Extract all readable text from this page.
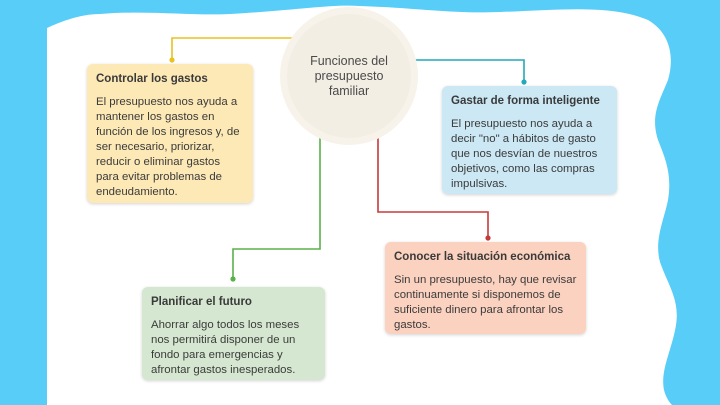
Funciones del presupuesto familiar
Controlar los gastos

El presupuesto nos ayuda a mantener los gastos en función de los ingresos y, de ser necesario, priorizar, reducir o eliminar gastos para evitar problemas de endeudamiento.

Gastar de forma inteligente

El presupuesto nos ayuda a decir "no" a hábitos de gasto que nos desvían de nuestros objetivos, como las compras impulsivas.

Conocer la situación económica

Sin un presupuesto, hay que revisar continuamente si disponemos de suficiente dinero para afrontar los gastos.

Planificar el futuro

Ahorrar algo todos los meses nos permitirá disponer de un fondo para emergencias y afrontar gastos inesperados.
